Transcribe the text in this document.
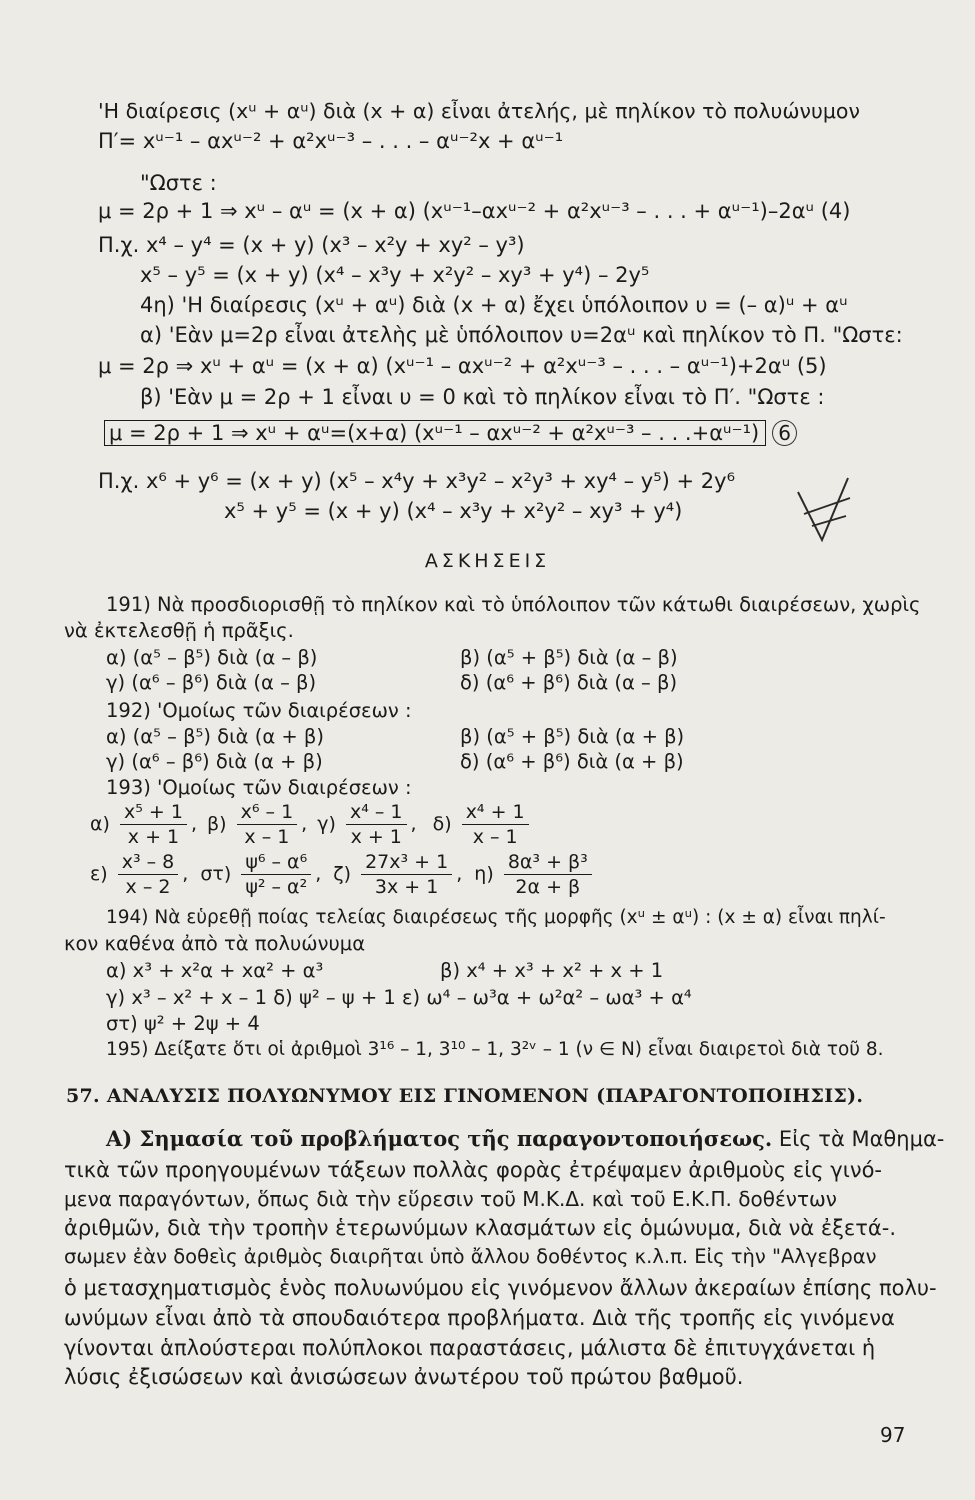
'Η διαίρεσις (xᵘ + αᵘ) διὰ (x + α) εἶναι ἀτελής, μὲ πηλίκον τὸ πολυώνυμον
Π′= xᵘ⁻¹ – αxᵘ⁻² + α²xᵘ⁻³ – . . . – αᵘ⁻²x + αᵘ⁻¹
"Ωστε :
μ = 2ρ + 1 ⇒ xᵘ – αᵘ = (x + α) (xᵘ⁻¹–αxᵘ⁻² + α²xᵘ⁻³ – . . . + αᵘ⁻¹)–2αᵘ (4)
Π.χ. x⁴ – y⁴ = (x + y) (x³ – x²y + xy² – y³)
x⁵ – y⁵ = (x + y) (x⁴ – x³y + x²y² – xy³ + y⁴) – 2y⁵
4η) 'Η διαίρεσις (xᵘ + αᵘ) διὰ (x + α) ἔχει ὑπόλοιπον υ = (– α)ᵘ + αᵘ
α) 'Εὰν μ=2ρ εἶναι ἀτελὴς μὲ ὑπόλοιπον υ=2αᵘ καὶ πηλίκον τὸ Π. "Ωστε:
μ = 2ρ ⇒ xᵘ + αᵘ = (x + α) (xᵘ⁻¹ – αxᵘ⁻² + α²xᵘ⁻³ – . . . – αᵘ⁻¹)+2αᵘ (5)
β) 'Εὰν μ = 2ρ + 1 εἶναι υ = 0 καὶ τὸ πηλίκον εἶναι τὸ Π′. "Ωστε :
μ = 2ρ + 1 ⇒ xᵘ + αᵘ=(x+α) (xᵘ⁻¹ – αxᵘ⁻² + α²xᵘ⁻³ – . . .+αᵘ⁻¹) 6
Π.χ. x⁶ + y⁶ = (x + y) (x⁵ – x⁴y + x³y² – x²y³ + xy⁴ – y⁵) + 2y⁶
x⁵ + y⁵ = (x + y) (x⁴ – x³y + x²y² – xy³ + y⁴)
ΑΣΚΗΣΕΙΣ
191) Νὰ προσδιορισθῇ τὸ πηλίκον καὶ τὸ ὑπόλοιπον τῶν κάτωθι διαιρέσεων, χωρὶς
νὰ ἐκτελεσθῇ ἡ πρᾶξις.
α) (α⁵ – β⁵) διὰ (α – β)	β) (α⁵ + β⁵) διὰ (α – β)
γ) (α⁶ – β⁶) διὰ (α – β)	δ) (α⁶ + β⁶) διὰ (α – β)
192) 'Ομοίως τῶν διαιρέσεων :
α) (α⁵ – β⁵) διὰ (α + β)	β) (α⁵ + β⁵) διὰ (α + β)
γ) (α⁶ – β⁶) διὰ (α + β)	δ) (α⁶ + β⁶) διὰ (α + β)
193) 'Ομοίως τῶν διαιρέσεων :
$\alpha) \frac{\text{x⁵ + 1}}{x + 1}$ , $\beta) \frac{\text{x⁶ – 1}}{x - 1}$ , $\gamma) \frac{\text{x⁴ – 1}}{x + 1}$ , $\delta) \frac{\text{x⁴ + 1}}{x - 1}$
$\varepsilon) \frac{\text{x³ – 8}}{x - 2}$ , $\sigma\tau) \frac{\text{ψ⁶ – α⁶}}{\text{ψ² – α²}}$ , $\zeta) \frac{\text{27x³ + 1}}{3x + 1}$ , $\eta) \frac{\text{8α³ + β³}}{2\alpha + \beta}$
194) Νὰ εὑρεθῇ ποίας τελείας διαιρέσεως τῆς μορφῆς (xᵘ ± αᵘ) : (x ± α) εἶναι πηλί-
κον καθένα ἀπὸ τὰ πολυώνυμα
α) x³ + x²α + xα² + α³	β) x⁴ + x³ + x² + x + 1
γ) x³ – x² + x – 1 δ) ψ² – ψ + 1 ε) ω⁴ – ω³α + ω²α² – ωα³ + α⁴
στ) ψ² + 2ψ + 4
195) Δείξατε ὅτι οἱ ἀριθμοὶ 3¹⁶ – 1, 3¹⁰ – 1, 3²ᵛ – 1 (ν ∈ N) εἶναι διαιρετοὶ διὰ τοῦ 8.
57. ΑΝΑΛΥΣΙΣ ΠΟΛΥΩΝΥΜΟΥ ΕΙΣ ΓΙΝΟΜΕΝΟΝ (ΠΑΡΑΓΟΝΤΟΠΟΙΗΣΙΣ).
Α) Σημασία τοῦ προβλήματος τῆς παραγοντοποιήσεως. Εἰς τὰ Μαθημα-
τικὰ τῶν προηγουμένων τάξεων πολλὰς φορὰς ἐτρέψαμεν ἀριθμοὺς εἰς γινό-
μενα παραγόντων, ὅπως διὰ τὴν εὕρεσιν τοῦ Μ.Κ.Δ. καὶ τοῦ Ε.Κ.Π. δοθέντων
ἀριθμῶν, διὰ τὴν τροπὴν ἑτερωνύμων κλασμάτων εἰς ὁμώνυμα, διὰ νὰ ἐξετά-.
σωμεν ἐὰν δοθεὶς ἀριθμὸς διαιρῆται ὑπὸ ἄλλου δοθέντος κ.λ.π. Εἰς τὴν "Αλγεβραν
ὁ μετασχηματισμὸς ἑνὸς πολυωνύμου εἰς γινόμενον ἄλλων ἀκεραίων ἐπίσης πολυ-
ωνύμων εἶναι ἀπὸ τὰ σπουδαιότερα προβλήματα. Διὰ τῆς τροπῆς εἰς γινόμενα
γίνονται ἁπλούστεραι πολύπλοκοι παραστάσεις, μάλιστα δὲ ἐπιτυγχάνεται ἡ
λύσις ἐξισώσεων καὶ ἀνισώσεων ἀνωτέρου τοῦ πρώτου βαθμοῦ.
97
